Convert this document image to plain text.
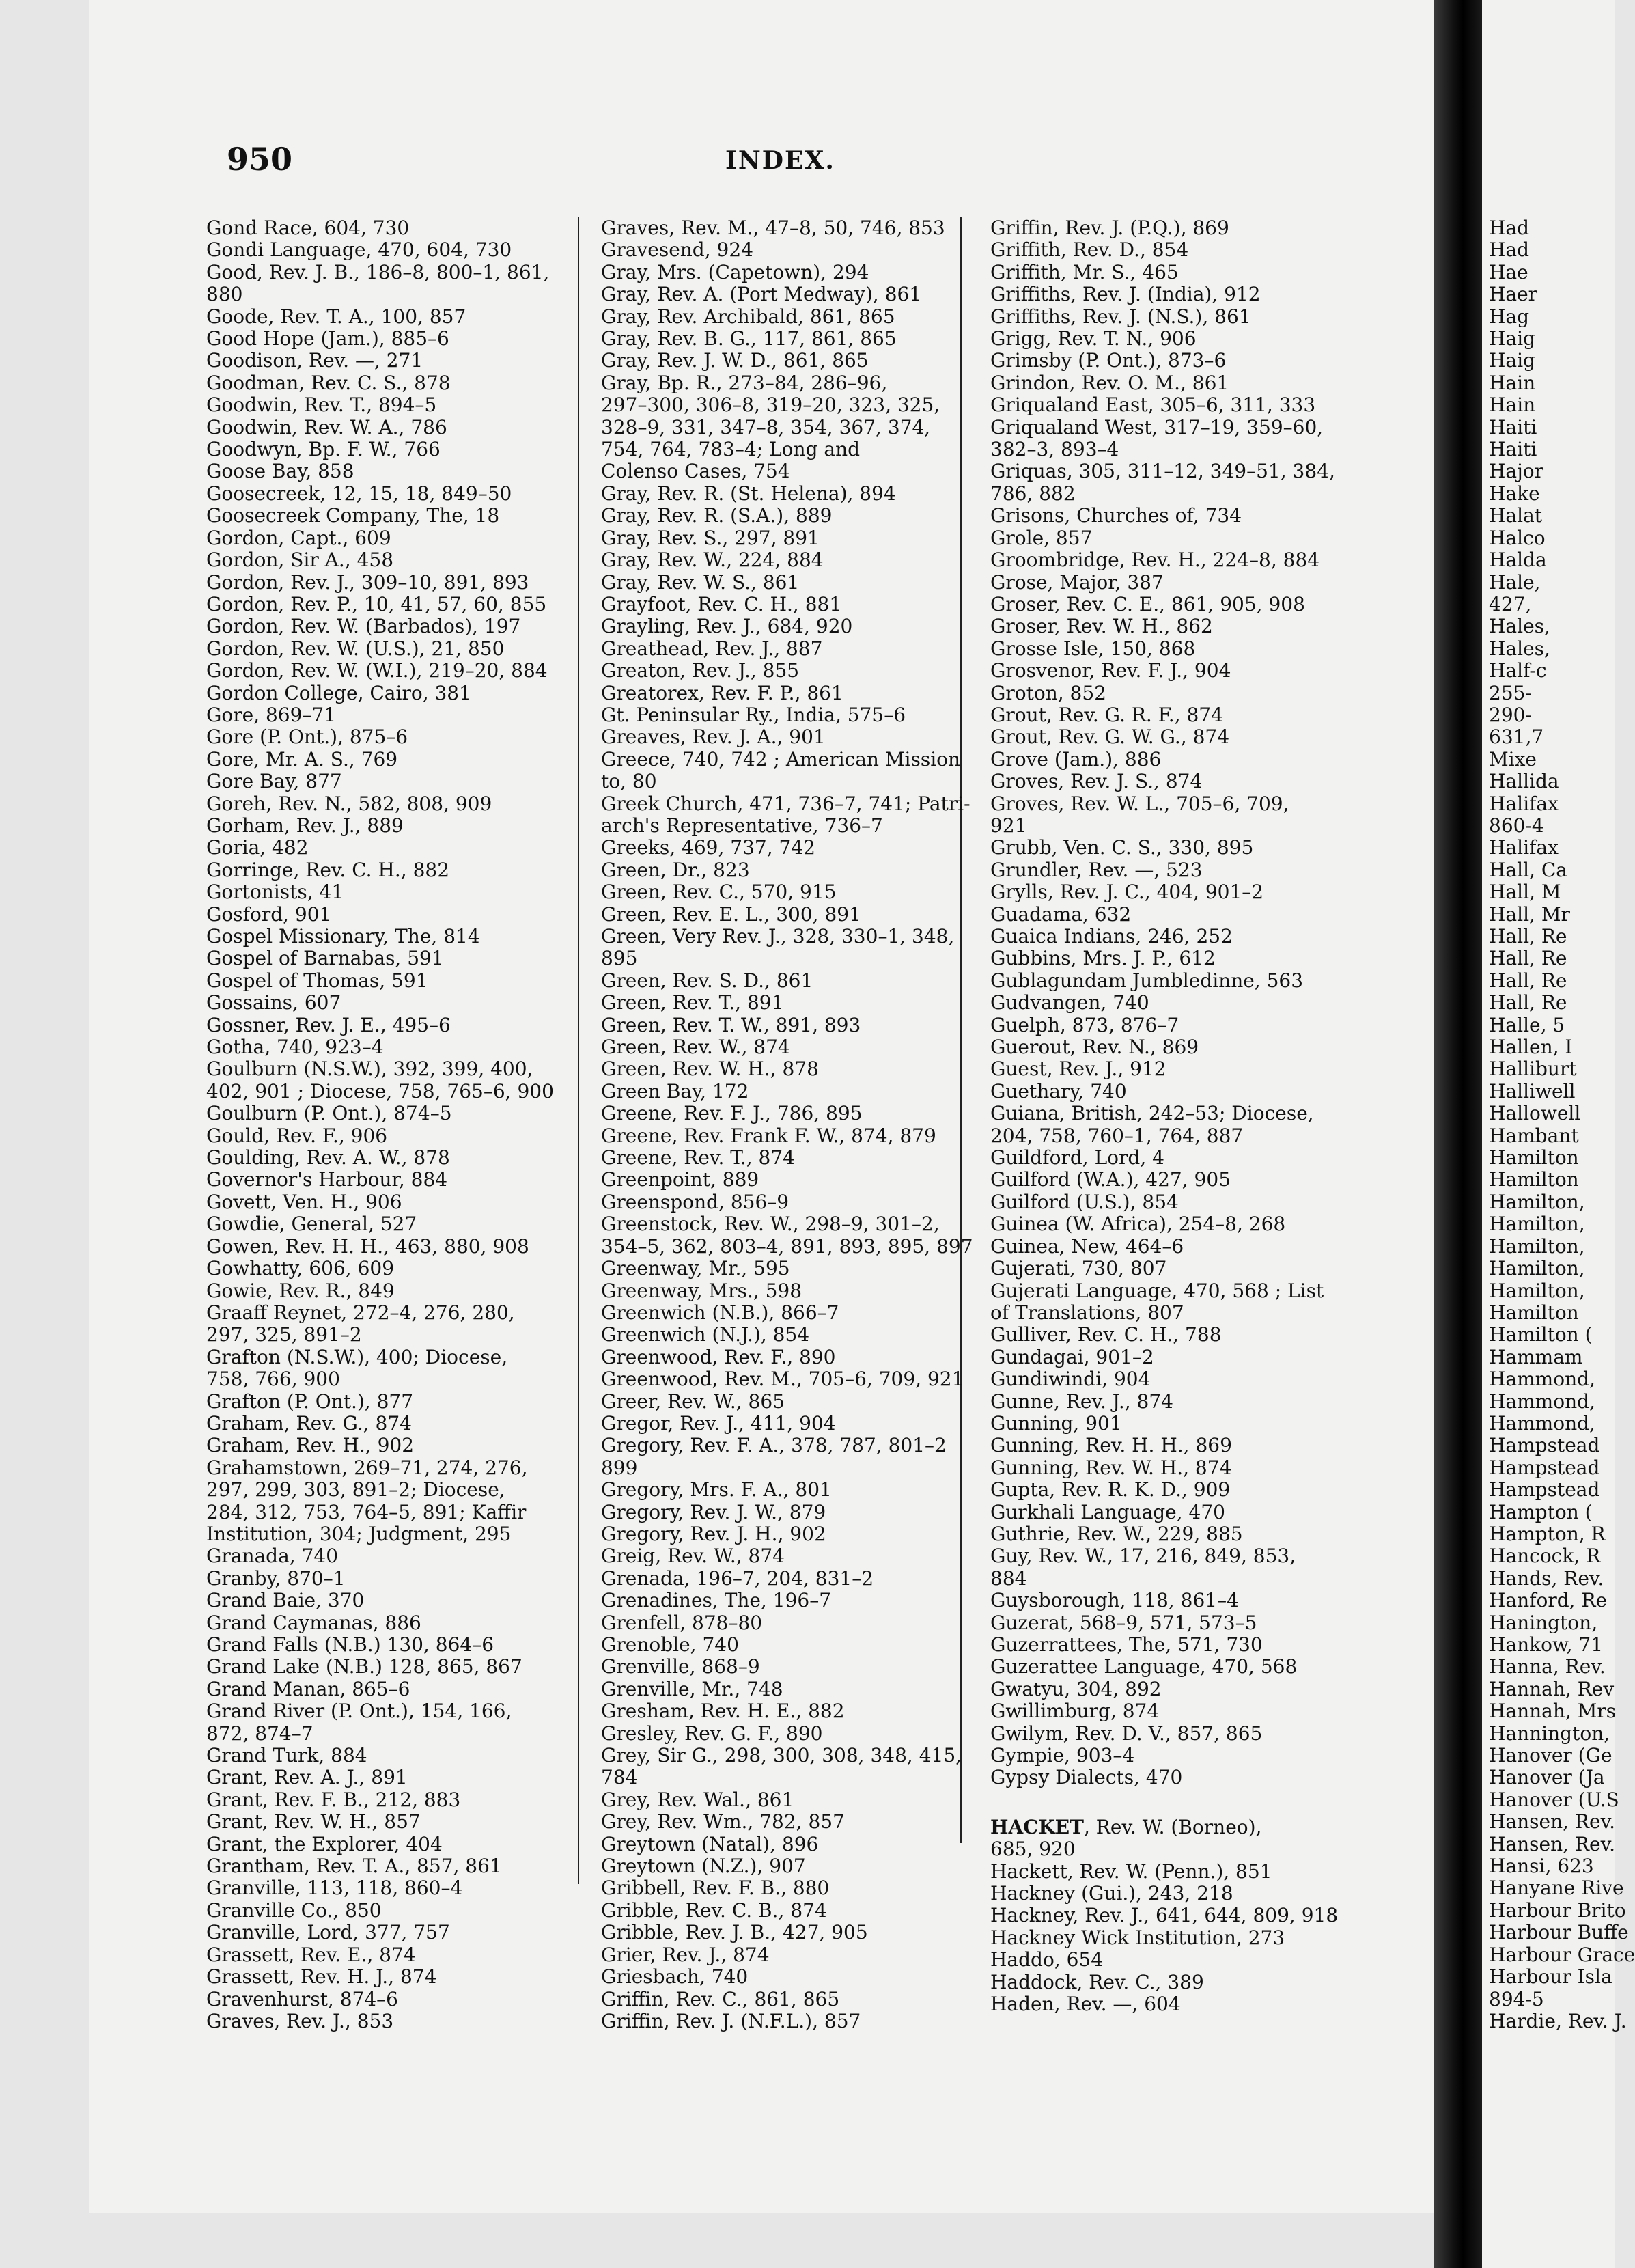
950	INDEX.
Gond Race, 604, 730
Gondi Language, 470, 604, 730
Good, Rev. J. B., 186–8, 800–1, 861,
880
Goode, Rev. T. A., 100, 857
Good Hope (Jam.), 885–6
Goodison, Rev. —, 271
Goodman, Rev. C. S., 878
Goodwin, Rev. T., 894–5
Goodwin, Rev. W. A., 786
Goodwyn, Bp. F. W., 766
Goose Bay, 858
Goosecreek, 12, 15, 18, 849–50
Goosecreek Company, The, 18
Gordon, Capt., 609
Gordon, Sir A., 458
Gordon, Rev. J., 309–10, 891, 893
Gordon, Rev. P., 10, 41, 57, 60, 855
Gordon, Rev. W. (Barbados), 197
Gordon, Rev. W. (U.S.), 21, 850
Gordon, Rev. W. (W.I.), 219–20, 884
Gordon College, Cairo, 381
Gore, 869–71
Gore (P. Ont.), 875–6
Gore, Mr. A. S., 769
Gore Bay, 877
Goreh, Rev. N., 582, 808, 909
Gorham, Rev. J., 889
Goria, 482
Gorringe, Rev. C. H., 882
Gortonists, 41
Gosford, 901
Gospel Missionary, The, 814
Gospel of Barnabas, 591
Gospel of Thomas, 591
Gossains, 607
Gossner, Rev. J. E., 495–6
Gotha, 740, 923–4
Goulburn (N.S.W.), 392, 399, 400,
402, 901 ; Diocese, 758, 765–6, 900
Goulburn (P. Ont.), 874–5
Gould, Rev. F., 906
Goulding, Rev. A. W., 878
Governor's Harbour, 884
Govett, Ven. H., 906
Gowdie, General, 527
Gowen, Rev. H. H., 463, 880, 908
Gowhatty, 606, 609
Gowie, Rev. R., 849
Graaff Reynet, 272–4, 276, 280,
297, 325, 891–2
Grafton (N.S.W.), 400; Diocese,
758, 766, 900
Grafton (P. Ont.), 877
Graham, Rev. G., 874
Graham, Rev. H., 902
Grahamstown, 269–71, 274, 276,
297, 299, 303, 891–2; Diocese,
284, 312, 753, 764–5, 891; Kaffir
Institution, 304; Judgment, 295
Granada, 740
Granby, 870–1
Grand Baie, 370
Grand Caymanas, 886
Grand Falls (N.B.) 130, 864–6
Grand Lake (N.B.) 128, 865, 867
Grand Manan, 865–6
Grand River (P. Ont.), 154, 166,
872, 874–7
Grand Turk, 884
Grant, Rev. A. J., 891
Grant, Rev. F. B., 212, 883
Grant, Rev. W. H., 857
Grant, the Explorer, 404
Grantham, Rev. T. A., 857, 861
Granville, 113, 118, 860–4
Granville Co., 850
Granville, Lord, 377, 757
Grassett, Rev. E., 874
Grassett, Rev. H. J., 874
Gravenhurst, 874–6
Graves, Rev. J., 853
Graves, Rev. M., 47–8, 50, 746, 853
Gravesend, 924
Gray, Mrs. (Capetown), 294
Gray, Rev. A. (Port Medway), 861
Gray, Rev. Archibald, 861, 865
Gray, Rev. B. G., 117, 861, 865
Gray, Rev. J. W. D., 861, 865
Gray, Bp. R., 273–84, 286–96,
297–300, 306–8, 319–20, 323, 325,
328–9, 331, 347–8, 354, 367, 374,
754, 764, 783–4; Long and
Colenso Cases, 754
Gray, Rev. R. (St. Helena), 894
Gray, Rev. R. (S.A.), 889
Gray, Rev. S., 297, 891
Gray, Rev. W., 224, 884
Gray, Rev. W. S., 861
Grayfoot, Rev. C. H., 881
Grayling, Rev. J., 684, 920
Greathead, Rev. J., 887
Greaton, Rev. J., 855
Greatorex, Rev. F. P., 861
Gt. Peninsular Ry., India, 575–6
Greaves, Rev. J. A., 901
Greece, 740, 742 ; American Mission
to, 80
Greek Church, 471, 736–7, 741; Patri-
arch's Representative, 736–7
Greeks, 469, 737, 742
Green, Dr., 823
Green, Rev. C., 570, 915
Green, Rev. E. L., 300, 891
Green, Very Rev. J., 328, 330–1, 348,
895
Green, Rev. S. D., 861
Green, Rev. T., 891
Green, Rev. T. W., 891, 893
Green, Rev. W., 874
Green, Rev. W. H., 878
Green Bay, 172
Greene, Rev. F. J., 786, 895
Greene, Rev. Frank F. W., 874, 879
Greene, Rev. T., 874
Greenpoint, 889
Greenspond, 856–9
Greenstock, Rev. W., 298–9, 301–2,
354–5, 362, 803–4, 891, 893, 895, 897
Greenway, Mr., 595
Greenway, Mrs., 598
Greenwich (N.B.), 866–7
Greenwich (N.J.), 854
Greenwood, Rev. F., 890
Greenwood, Rev. M., 705–6, 709, 921
Greer, Rev. W., 865
Gregor, Rev. J., 411, 904
Gregory, Rev. F. A., 378, 787, 801–2
899
Gregory, Mrs. F. A., 801
Gregory, Rev. J. W., 879
Gregory, Rev. J. H., 902
Greig, Rev. W., 874
Grenada, 196–7, 204, 831–2
Grenadines, The, 196–7
Grenfell, 878–80
Grenoble, 740
Grenville, 868–9
Grenville, Mr., 748
Gresham, Rev. H. E., 882
Gresley, Rev. G. F., 890
Grey, Sir G., 298, 300, 308, 348, 415,
784
Grey, Rev. Wal., 861
Grey, Rev. Wm., 782, 857
Greytown (Natal), 896
Greytown (N.Z.), 907
Gribbell, Rev. F. B., 880
Gribble, Rev. C. B., 874
Gribble, Rev. J. B., 427, 905
Grier, Rev. J., 874
Griesbach, 740
Griffin, Rev. C., 861, 865
Griffin, Rev. J. (N.F.L.), 857
Griffin, Rev. J. (P.Q.), 869
Griffith, Rev. D., 854
Griffith, Mr. S., 465
Griffiths, Rev. J. (India), 912
Griffiths, Rev. J. (N.S.), 861
Grigg, Rev. T. N., 906
Grimsby (P. Ont.), 873–6
Grindon, Rev. O. M., 861
Griqualand East, 305–6, 311, 333
Griqualand West, 317–19, 359–60,
382–3, 893–4
Griquas, 305, 311–12, 349–51, 384,
786, 882
Grisons, Churches of, 734
Grole, 857
Groombridge, Rev. H., 224–8, 884
Grose, Major, 387
Groser, Rev. C. E., 861, 905, 908
Groser, Rev. W. H., 862
Grosse Isle, 150, 868
Grosvenor, Rev. F. J., 904
Groton, 852
Grout, Rev. G. R. F., 874
Grout, Rev. G. W. G., 874
Grove (Jam.), 886
Groves, Rev. J. S., 874
Groves, Rev. W. L., 705–6, 709,
921
Grubb, Ven. C. S., 330, 895
Grundler, Rev. —, 523
Grylls, Rev. J. C., 404, 901–2
Guadama, 632
Guaica Indians, 246, 252
Gubbins, Mrs. J. P., 612
Gublagundam Jumbledinne, 563
Gudvangen, 740
Guelph, 873, 876–7
Guerout, Rev. N., 869
Guest, Rev. J., 912
Guethary, 740
Guiana, British, 242–53; Diocese,
204, 758, 760–1, 764, 887
Guildford, Lord, 4
Guilford (W.A.), 427, 905
Guilford (U.S.), 854
Guinea (W. Africa), 254–8, 268
Guinea, New, 464–6
Gujerati, 730, 807
Gujerati Language, 470, 568 ; List
of Translations, 807
Gulliver, Rev. C. H., 788
Gundagai, 901–2
Gundiwindi, 904
Gunne, Rev. J., 874
Gunning, 901
Gunning, Rev. H. H., 869
Gunning, Rev. W. H., 874
Gupta, Rev. R. K. D., 909
Gurkhali Language, 470
Guthrie, Rev. W., 229, 885
Guy, Rev. W., 17, 216, 849, 853,
884
Guysborough, 118, 861–4
Guzerat, 568–9, 571, 573–5
Guzerrattees, The, 571, 730
Guzerattee Language, 470, 568
Gwatyu, 304, 892
Gwillimburg, 874
Gwilym, Rev. D. V., 857, 865
Gympie, 903–4
Gypsy Dialects, 470
HACKET, Rev. W. (Borneo),
685, 920
Hackett, Rev. W. (Penn.), 851
Hackney (Gui.), 243, 218
Hackney, Rev. J., 641, 644, 809, 918
Hackney Wick Institution, 273
Haddo, 654
Haddock, Rev. C., 389
Haden, Rev. —, 604
Had
Had
Hae
Haer
Hag
Haig
Haig
Hain
Hain
Haiti
Haiti
Hajor
Hake
Halat
Halco
Halda
Hale,
427,
Hales,
Hales,
Half-c
255-
290-
631,7
Mixe
Hallida
Halifax
860-4
Halifax
Hall, Ca
Hall, M
Hall, Mr
Hall, Re
Hall, Re
Hall, Re
Hall, Re
Halle, 5
Hallen, I
Halliburt
Halliwell
Hallowell
Hambant
Hamilton
Hamilton
Hamilton,
Hamilton,
Hamilton,
Hamilton,
Hamilton,
Hamilton
Hamilton (
Hammam
Hammond,
Hammond,
Hammond,
Hampstead
Hampstead
Hampstead
Hampton (
Hampton, R
Hancock, R
Hands, Rev.
Hanford, Re
Hanington,
Hankow, 71
Hanna, Rev.
Hannah, Rev
Hannah, Mrs
Hannington,
Hanover (Ge
Hanover (Ja
Hanover (U.S
Hansen, Rev.
Hansen, Rev.
Hansi, 623
Hanyane Rive
Harbour Brito
Harbour Buffe
Harbour Grace
Harbour Isla
894-5
Hardie, Rev. J.
